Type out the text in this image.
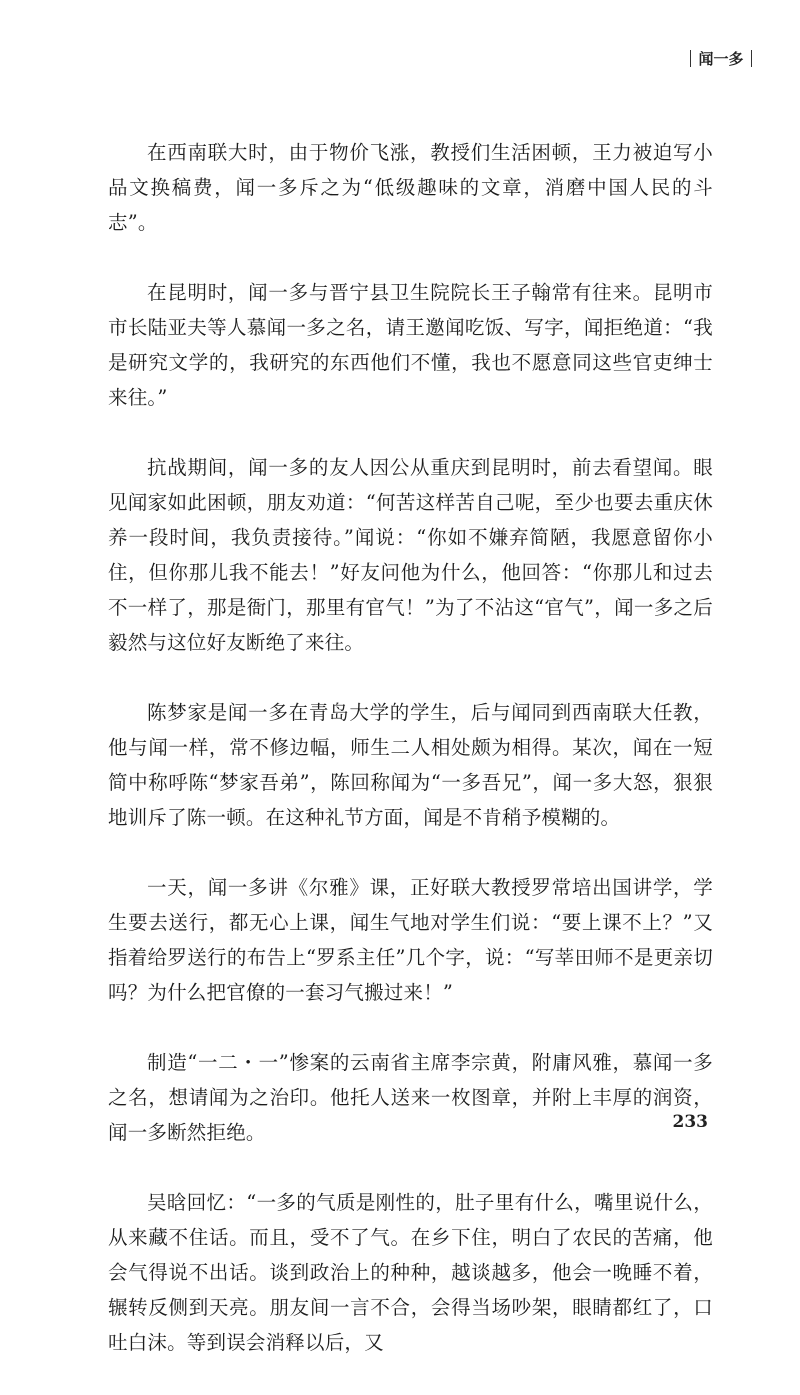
闻一多

在西南联大时，由于物价飞涨，教授们生活困顿，王力被迫写小品文换稿费，闻一多斥之为“低级趣味的文章，消磨中国人民的斗志”。

在昆明时，闻一多与晋宁县卫生院院长王子翰常有往来。昆明市市长陆亚夫等人慕闻一多之名，请王邀闻吃饭、写字，闻拒绝道：“我是研究文学的，我研究的东西他们不懂，我也不愿意同这些官吏绅士来往。”

抗战期间，闻一多的友人因公从重庆到昆明时，前去看望闻。眼见闻家如此困顿，朋友劝道：“何苦这样苦自己呢，至少也要去重庆休养一段时间，我负责接待。”闻说：“你如不嫌弃简陋，我愿意留你小住，但你那儿我不能去！”好友问他为什么，他回答：“你那儿和过去不一样了，那是衙门，那里有官气！”为了不沾这“官气”，闻一多之后毅然与这位好友断绝了来往。

陈梦家是闻一多在青岛大学的学生，后与闻同到西南联大任教，他与闻一样，常不修边幅，师生二人相处颇为相得。某次，闻在一短简中称呼陈“梦家吾弟”，陈回称闻为“一多吾兄”，闻一多大怒，狠狠地训斥了陈一顿。在这种礼节方面，闻是不肯稍予模糊的。

一天，闻一多讲《尔雅》课，正好联大教授罗常培出国讲学，学生要去送行，都无心上课，闻生气地对学生们说：“要上课不上？”又指着给罗送行的布告上“罗系主任”几个字，说：“写莘田师不是更亲切吗？为什么把官僚的一套习气搬过来！”

制造“一二・一”惨案的云南省主席李宗黄，附庸风雅，慕闻一多之名，想请闻为之治印。他托人送来一枚图章，并附上丰厚的润资，闻一多断然拒绝。

吴晗回忆：“一多的气质是刚性的，肚子里有什么，嘴里说什么，从来藏不住话。而且，受不了气。在乡下住，明白了农民的苦痛，他会气得说不出话。谈到政治上的种种，越谈越多，他会一晚睡不着，辗转反侧到天亮。朋友间一言不合，会得当场吵架，眼睛都红了，口吐白沫。等到误会消释以后，又

233
